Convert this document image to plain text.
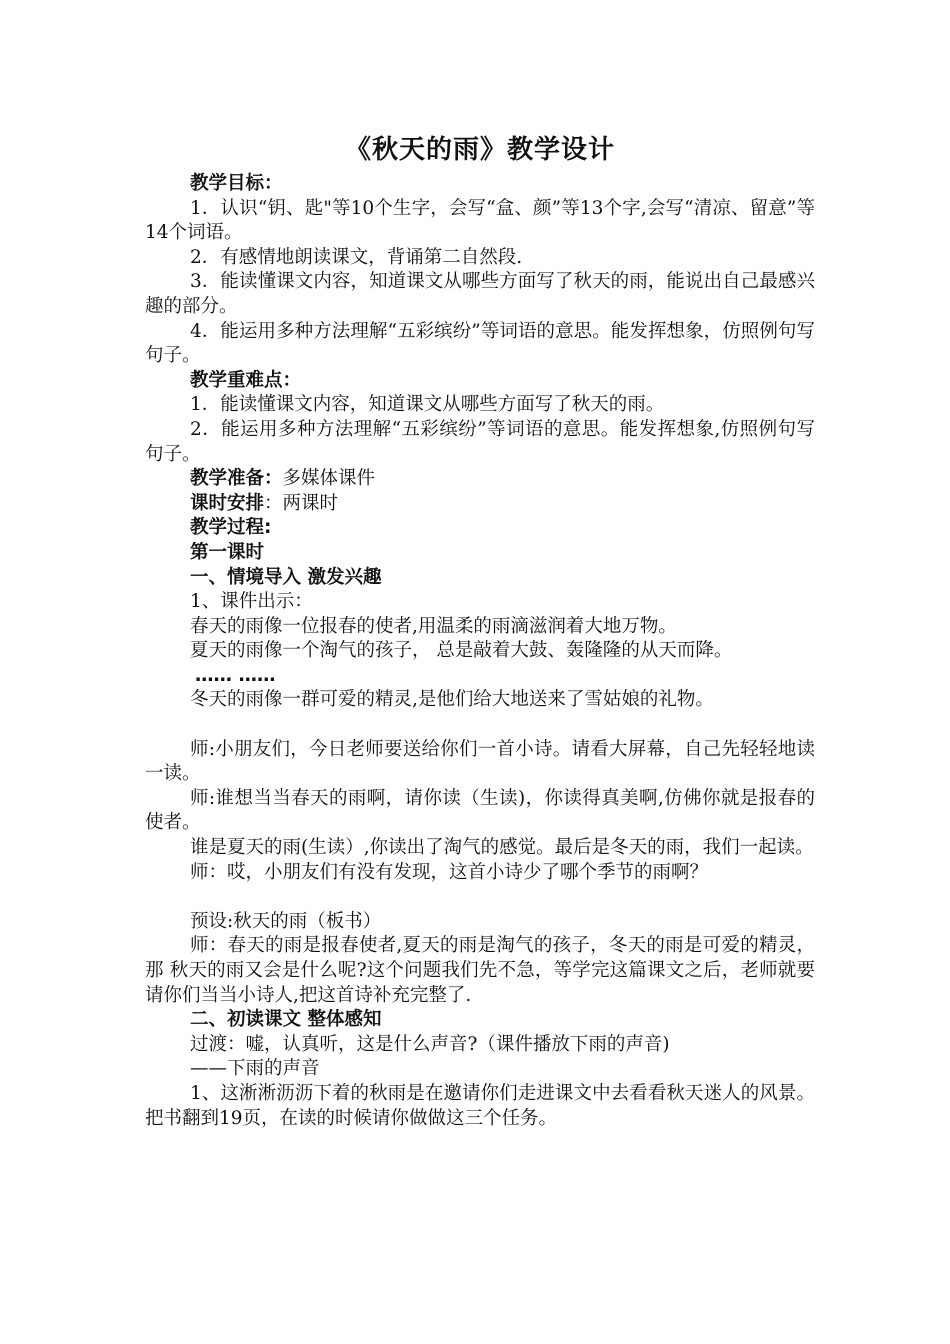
《秋天的雨》教学设计

教学目标：

1．认识“钥、匙"等10个生字，会写“盒、颜”等13个字,会写“清凉、留意”等14个词语。

2．有感情地朗读课文，背诵第二自然段.

3．能读懂课文内容，知道课文从哪些方面写了秋天的雨，能说出自己最感兴趣的部分。

4．能运用多种方法理解“五彩缤纷”等词语的意思。能发挥想象，仿照例句写句子。

教学重难点：

1．能读懂课文内容，知道课文从哪些方面写了秋天的雨。

2．能运用多种方法理解“五彩缤纷”等词语的意思。能发挥想象,仿照例句写句子。

教学准备：多媒体课件

课时安排：两课时

教学过程:

第一课时

一、情境导入 激发兴趣

1、课件出示：

春天的雨像一位报春的使者,用温柔的雨滴滋润着大地万物。

夏天的雨像一个淘气的孩子， 总是敲着大鼓、轰隆隆的从天而降。

…… ……

冬天的雨像一群可爱的精灵,是他们给大地送来了雪姑娘的礼物。

师:小朋友们，今日老师要送给你们一首小诗。请看大屏幕，自己先轻轻地读一读。

师:谁想当当春天的雨啊，请你读（生读)，你读得真美啊,仿佛你就是报春的使者。

谁是夏天的雨(生读）,你读出了淘气的感觉。最后是冬天的雨，我们一起读。

师：哎，小朋友们有没有发现，这首小诗少了哪个季节的雨啊？

预设:秋天的雨（板书）

师：春天的雨是报春使者,夏天的雨是淘气的孩子，冬天的雨是可爱的精灵，那 秋天的雨又会是什么呢?这个问题我们先不急，等学完这篇课文之后，老师就要请你们当当小诗人,把这首诗补充完整了.

二、初读课文 整体感知

过渡：嘘，认真听，这是什么声音?（课件播放下雨的声音)

——下雨的声音

1、这淅淅沥沥下着的秋雨是在邀请你们走进课文中去看看秋天迷人的风景。把书翻到19页，在读的时候请你做做这三个任务。
